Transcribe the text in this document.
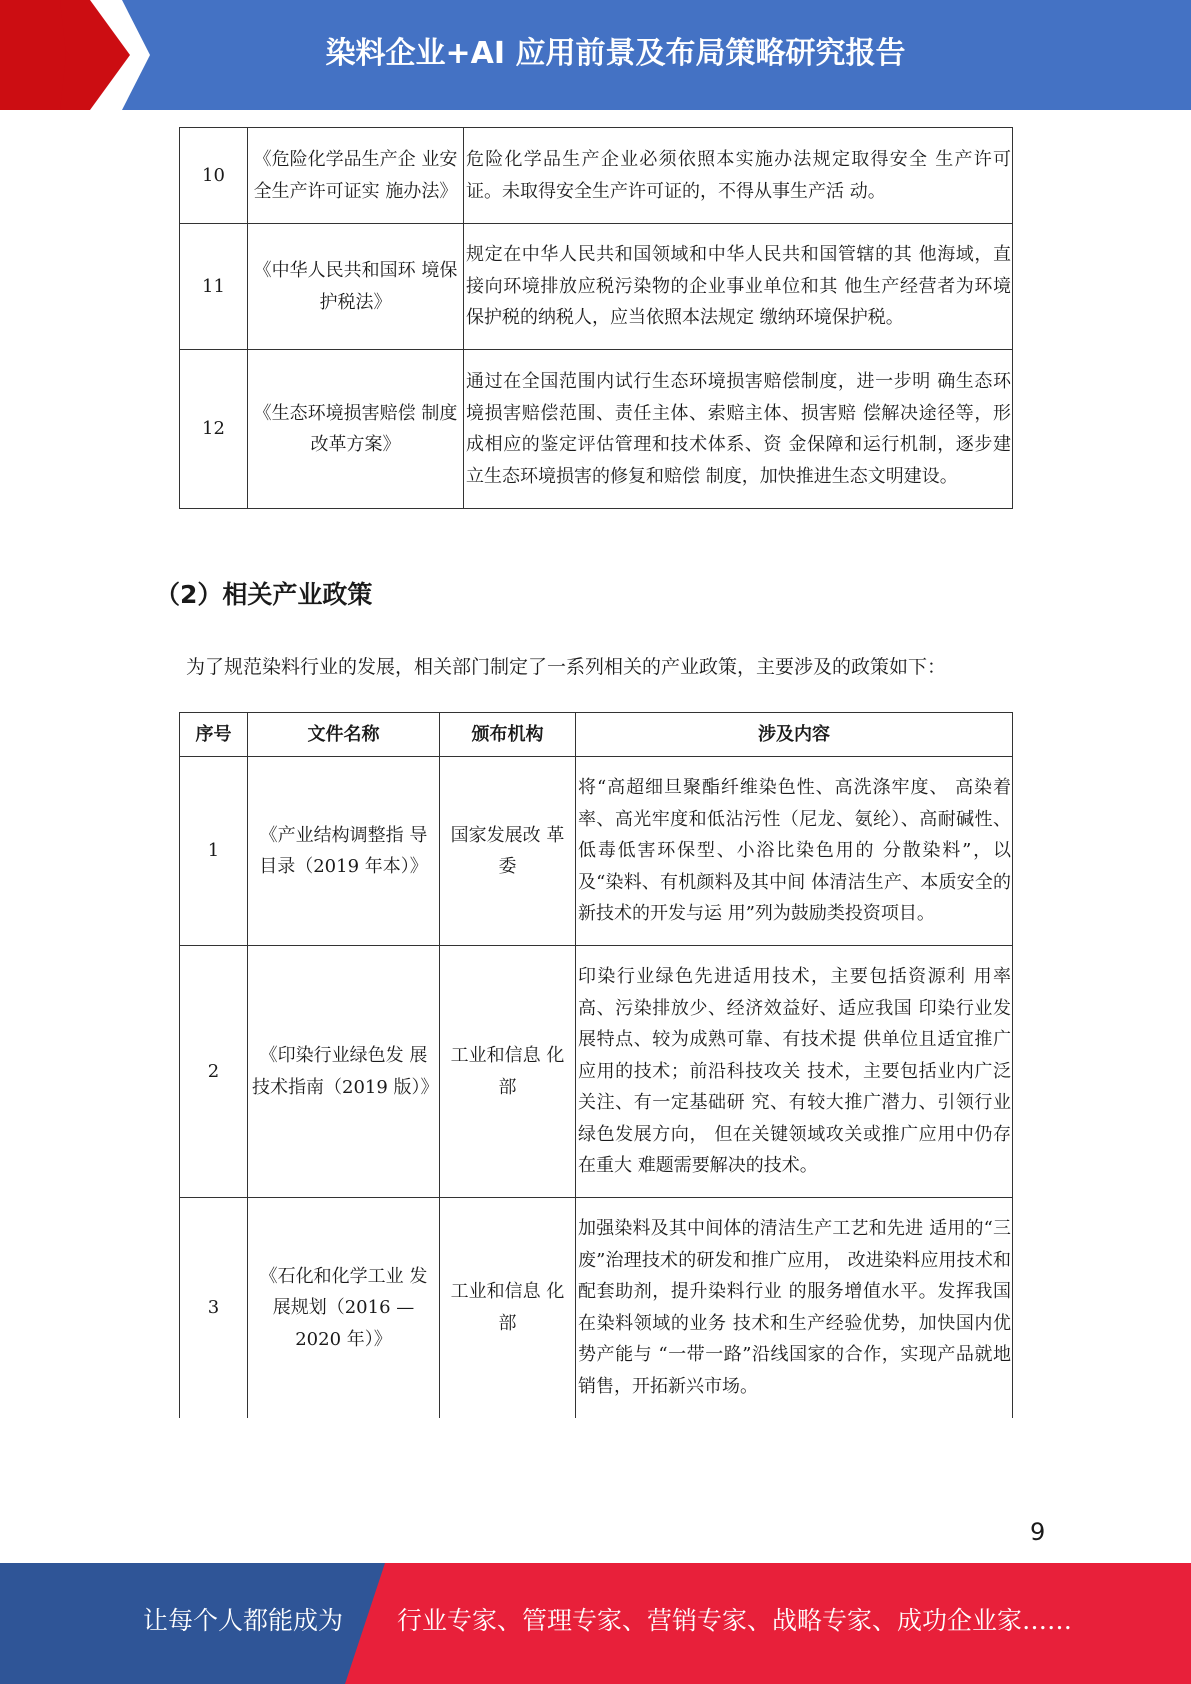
染料企业+AI 应用前景及布局策略研究报告
10	《危险化学品生产企 业安全生产许可证实 施办法》	危险化学品生产企业必须依照本实施办法规定取得安全 生产许可证。未取得安全生产许可证的，不得从事生产活 动。
11	《中华人民共和国环 境保护税法》	规定在中华人民共和国领域和中华人民共和国管辖的其 他海域，直接向环境排放应税污染物的企业事业单位和其 他生产经营者为环境保护税的纳税人，应当依照本法规定 缴纳环境保护税。
12	《生态环境损害赔偿 制度改革方案》	通过在全国范围内试行生态环境损害赔偿制度，进一步明 确生态环境损害赔偿范围、责任主体、索赔主体、损害赔 偿解决途径等，形成相应的鉴定评估管理和技术体系、资 金保障和运行机制，逐步建立生态环境损害的修复和赔偿 制度，加快推进生态文明建设。
（2）相关产业政策
为了规范染料行业的发展，相关部门制定了一系列相关的产业政策，主要涉及的政策如下：
序号	文件名称	颁布机构	涉及内容
1	《产业结构调整指 导目录（2019 年本）》	国家发展改 革委	将“高超细旦聚酯纤维染色性、高洗涤牢度、 高染着率、高光牢度和低沾污性（尼龙、氨纶）、高耐碱性、低毒低害环保型、小浴比染色用的 分散染料”，以及“染料、有机颜料及其中间 体清洁生产、本质安全的新技术的开发与运 用”列为鼓励类投资项目。
2	《印染行业绿色发 展技术指南（2019 版）》	工业和信息 化部	印染行业绿色先进适用技术，主要包括资源利 用率高、污染排放少、经济效益好、适应我国 印染行业发展特点、较为成熟可靠、有技术提 供单位且适宜推广应用的技术；前沿科技攻关 技术，主要包括业内广泛关注、有一定基础研 究、有较大推广潜力、引领行业绿色发展方向， 但在关键领域攻关或推广应用中仍存在重大 难题需要解决的技术。
3	《石化和化学工业 发展规划（2016 — 2020 年）》	工业和信息 化部	加强染料及其中间体的清洁生产工艺和先进 适用的“三废”治理技术的研发和推广应用， 改进染料应用技术和配套助剂，提升染料行业 的服务增值水平。发挥我国在染料领域的业务 技术和生产经验优势，加快国内优势产能与 “一带一路”沿线国家的合作，实现产品就地 销售，开拓新兴市场。
9
让每个人都能成为 行业专家、管理专家、营销专家、战略专家、成功企业家……
